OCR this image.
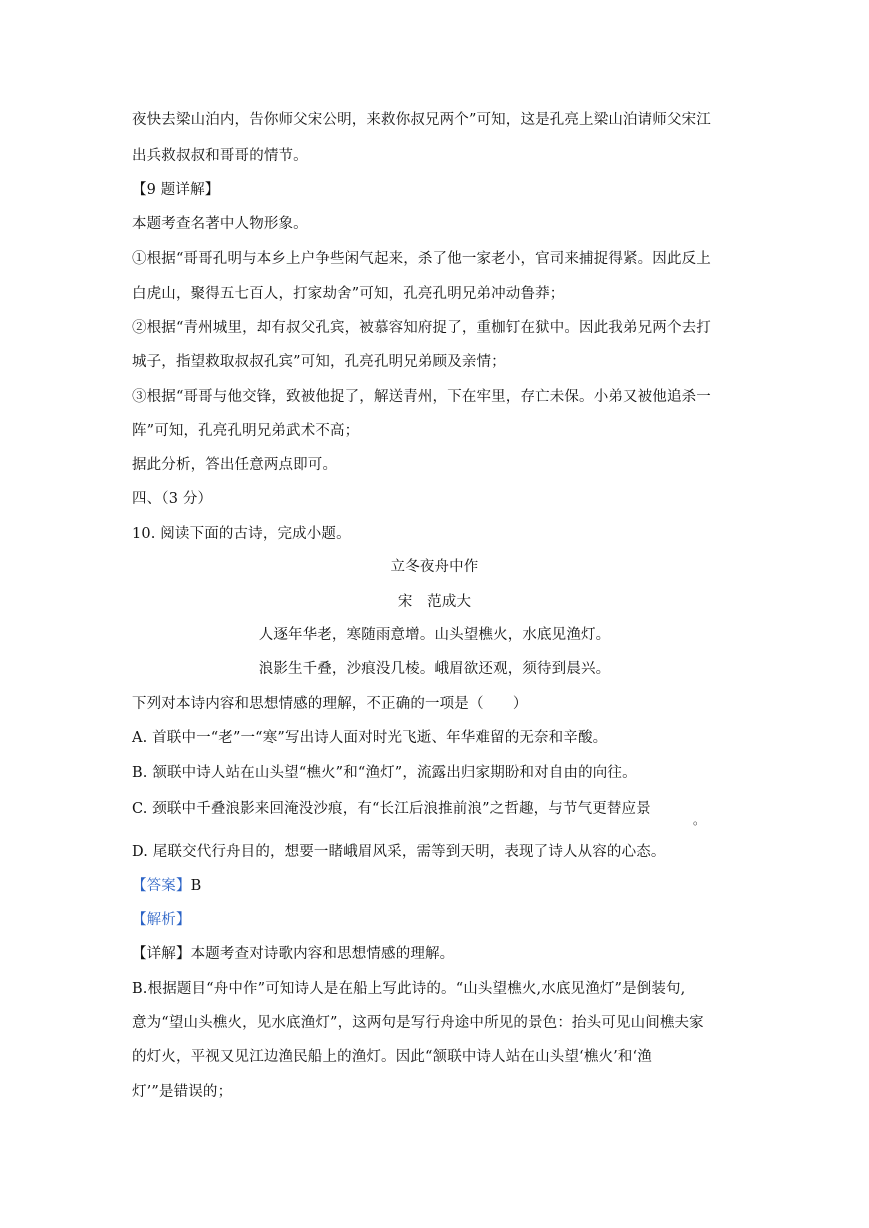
夜快去梁山泊内，告你师父宋公明，来救你叔兄两个”可知，这是孔亮上梁山泊请师父宋江
出兵救叔叔和哥哥的情节。
【9 题详解】
本题考查名著中人物形象。
①根据“哥哥孔明与本乡上户争些闲气起来，杀了他一家老小，官司来捕捉得紧。因此反上
白虎山，聚得五七百人，打家劫舍”可知，孔亮孔明兄弟冲动鲁莽；
②根据“青州城里，却有叔父孔宾，被慕容知府捉了，重枷钉在狱中。因此我弟兄两个去打
城子，指望救取叔叔孔宾”可知，孔亮孔明兄弟顾及亲情；
③根据“哥哥与他交锋，致被他捉了，解送青州，下在牢里，存亡未保。小弟又被他追杀一
阵”可知，孔亮孔明兄弟武术不高；
据此分析，答出任意两点即可。
四、（3 分）
10. 阅读下面的古诗，完成小题。
立冬夜舟中作
宋　范成大
人逐年华老，寒随雨意增。山头望樵火，水底见渔灯。
浪影生千叠，沙痕没几棱。峨眉欲还观，须待到晨兴。
下列对本诗内容和思想情感的理解，不正确的一项是（　　）
A. 首联中一“老”一“寒”写出诗人面对时光飞逝、年华难留的无奈和辛酸。
B. 颔联中诗人站在山头望“樵火”和“渔灯”，流露出归家期盼和对自由的向往。
C. 颈联中千叠浪影来回淹没沙痕，有“长江后浪推前浪”之哲趣，与节气更替应景
。
D. 尾联交代行舟目的，想要一睹峨眉风采，需等到天明，表现了诗人从容的心态。
【答案】B
【解析】
【详解】本题考查对诗歌内容和思想情感的理解。
B.根据题目“舟中作”可知诗人是在船上写此诗的。“山头望樵火,水底见渔灯”是倒装句,
意为“望山头樵火，见水底渔灯”，这两句是写行舟途中所见的景色：抬头可见山间樵夫家
的灯火，平视又见江边渔民船上的渔灯。因此“颔联中诗人站在山头望‘樵火’和‘渔
灯’”是错误的；
